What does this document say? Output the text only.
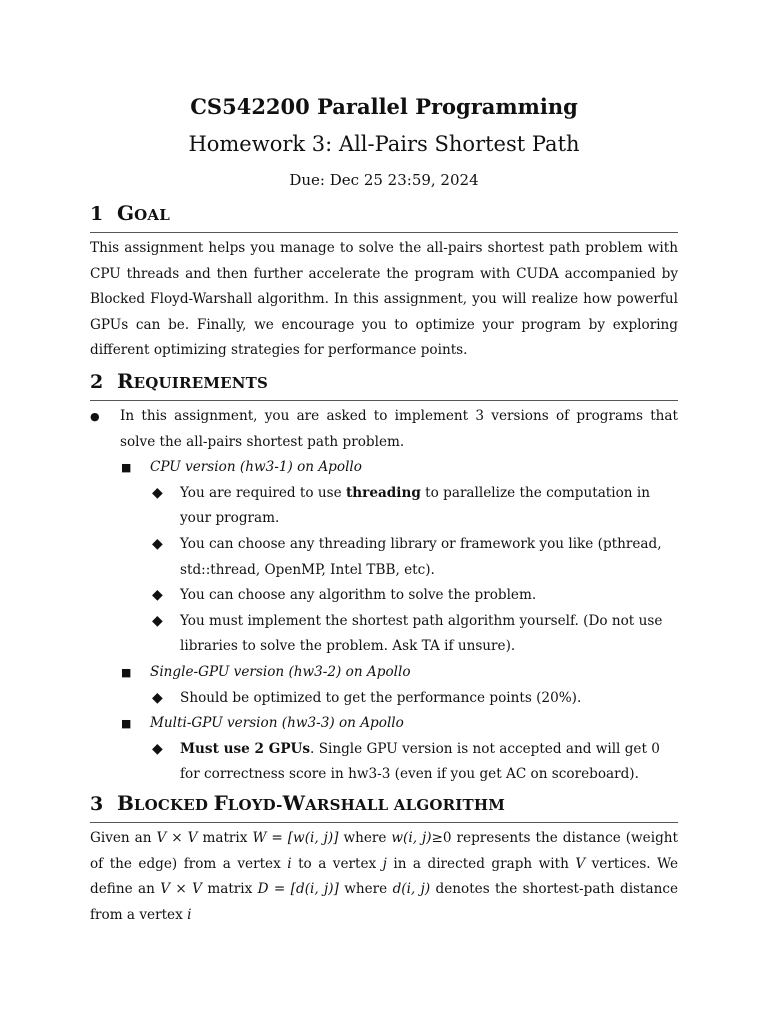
CS542200 Parallel Programming
Homework 3: All-Pairs Shortest Path
Due: Dec 25 23:59, 2024
1 GOAL

This assignment helps you manage to solve the all-pairs shortest path problem with CPU threads and then further accelerate the program with CUDA accompanied by Blocked Floyd-Warshall algorithm. In this assignment, you will realize how powerful GPUs can be. Finally, we encourage you to optimize your program by exploring different optimizing strategies for performance points.

2 REQUIREMENTS
● In this assignment, you are asked to implement 3 versions of programs that solve the all-pairs shortest path problem.
■ CPU version (hw3-1) on Apollo
◆ You are required to use threading to parallelize the computation in your program.
◆ You can choose any threading library or framework you like (pthread, std::thread, OpenMP, Intel TBB, etc).
◆ You can choose any algorithm to solve the problem.
◆ You must implement the shortest path algorithm yourself. (Do not use libraries to solve the problem. Ask TA if unsure).
■ Single-GPU version (hw3-2) on Apollo
◆ Should be optimized to get the performance points (20%).
■ Multi-GPU version (hw3-3) on Apollo
◆ Must use 2 GPUs. Single GPU version is not accepted and will get 0 for correctness score in hw3-3 (even if you get AC on scoreboard).
3 BLOCKED FLOYD-WARSHALL ALGORITHM

Given an V × V matrix W = [w(i, j)] where w(i, j)≥0 represents the distance (weight of the edge) from a vertex i to a vertex j in a directed graph with V vertices. We define an V × V matrix D = [d(i, j)] where d(i, j) denotes the shortest-path distance from a vertex i
